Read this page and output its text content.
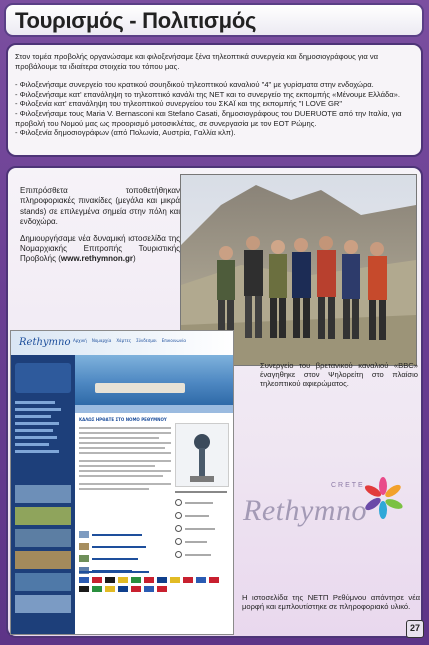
Τουρισμός - Πολιτισμός

Στον τομέα προβολής οργανώσαμε και φιλοξενήσαμε ξένα τηλεοπτικά συνεργεία και δημοσιογράφους για να προβάλουμε τα ιδιαίτερα στοιχεία του τόπου μας.

- Φιλοξενήσαμε συνεργείο του κρατικού σουηδικού τηλεοπτικού καναλιού "4" με γυρίσματα στην ενδοχώρα.

- Φιλοξενήσαμε κατ' επανάληψη το τηλεοπτικό κανάλι της ΝΕΤ και το συνεργείο της εκπομπής «Μένουμε Ελλάδα».

- Φιλοξενία κατ' επανάληψη του τηλεοπτικού συνεργείου του ΣΚΑΪ και της εκπομπής "I LOVE GR"

- Φιλοξενήσαμε τους Maria V. Bernasconi και Stefano Casati, δημοσιογράφους του DUERUOTE από την Ιταλία, για προβολή του Νομού μας ως προορισμό μοτοσικλέτας, σε συνεργασία με τον ΕΟΤ Ρώμης.

- Φιλοξενία δημοσιογράφων (από Πολωνία, Αυστρία, Γαλλία κλπ).

Επιπρόσθετα τοποθετήθηκαν πληροφοριακές πινακίδες (μεγάλα και μικρά stands) σε επιλεγμένα σημεία στην πόλη και ενδοχώρα.

Δημιουργήσαμε νέα δυναμική ιστοσελίδα της Νομαρχιακής Επιτροπής Τουριστικής Προβολής (www.rethymnon.gr)

Συνεργείο του βρετανικού καναλιού «BBC» έναγηθηκε στον Ψηλορείτη στο πλαίσιο τηλεοπτικού αφιερώματος.
Rethymno Αρχική Νομαρχία Χάρτες Σύνδεσμοι Επικοινωνία
ΚΑΛΩΣ ΗΡΘΑΤΕ ΣΤΟ ΝΟΜΟ ΡΕΘΥΜΝΟΥ
CRETE
Rethymno
Η ιστοσελίδα της ΝΕΤΠ Ρεθύμνου απάντησε νέα μορφή και εμπλουτίστηκε σε πληροφοριακό υλικό.
27
